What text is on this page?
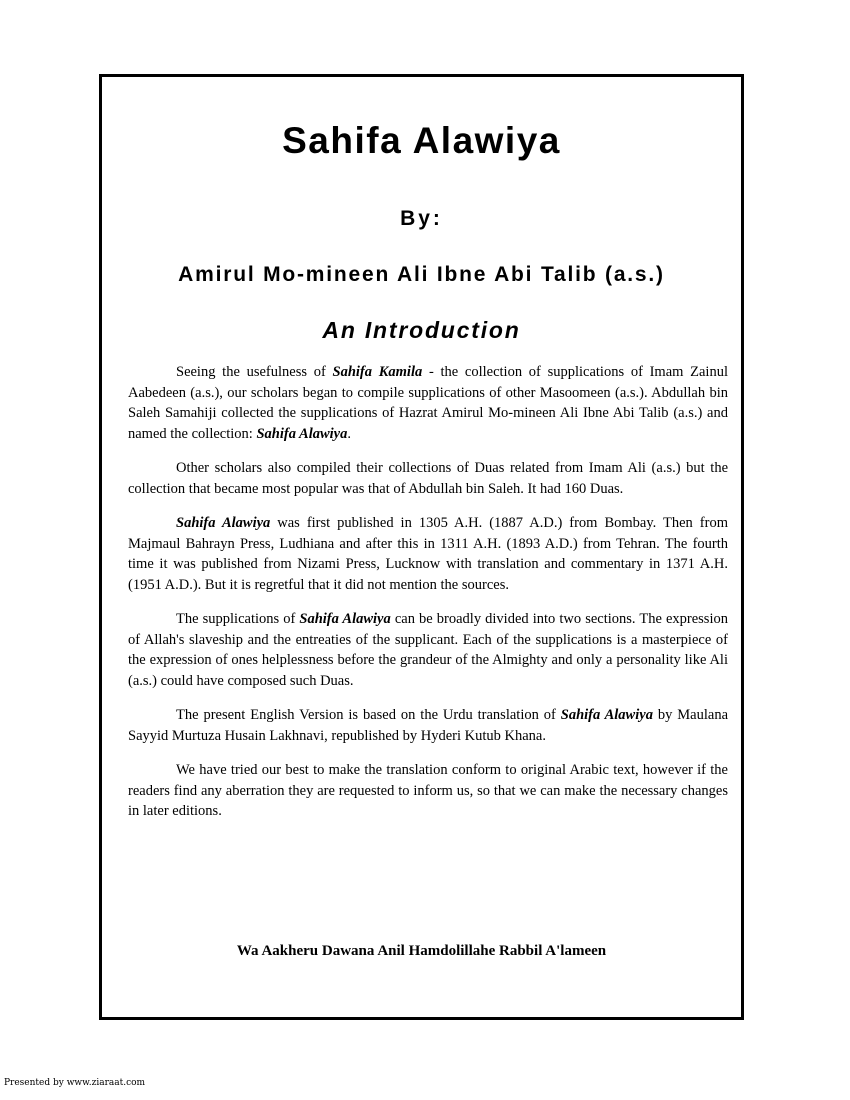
Sahifa Alawiya
By:
Amirul Mo-mineen Ali Ibne Abi Talib (a.s.)
An Introduction

Seeing the usefulness of Sahifa Kamila - the collection of supplications of Imam Zainul Aabedeen (a.s.), our scholars began to compile supplications of other Masoomeen (a.s.). Abdullah bin Saleh Samahiji collected the supplications of Hazrat Amirul Mo-mineen Ali Ibne Abi Talib (a.s.) and named the collection: Sahifa Alawiya.

Other scholars also compiled their collections of Duas related from Imam Ali (a.s.) but the collection that became most popular was that of Abdullah bin Saleh. It had 160 Duas.

Sahifa Alawiya was first published in 1305 A.H. (1887 A.D.) from Bombay. Then from Majmaul Bahrayn Press, Ludhiana and after this in 1311 A.H. (1893 A.D.) from Tehran. The fourth time it was published from Nizami Press, Lucknow with translation and commentary in 1371 A.H. (1951 A.D.). But it is regretful that it did not mention the sources.

The supplications of Sahifa Alawiya can be broadly divided into two sections. The expression of Allah's slaveship and the entreaties of the supplicant. Each of the supplications is a masterpiece of the expression of ones helplessness before the grandeur of the Almighty and only a personality like Ali (a.s.) could have composed such Duas.

The present English Version is based on the Urdu translation of Sahifa Alawiya by Maulana Sayyid Murtuza Husain Lakhnavi, republished by Hyderi Kutub Khana.

We have tried our best to make the translation conform to original Arabic text, however if the readers find any aberration they are requested to inform us, so that we can make the necessary changes in later editions.

Wa Aakheru Dawana Anil Hamdolillahe Rabbil A'lameen
Presented by www.ziaraat.com
